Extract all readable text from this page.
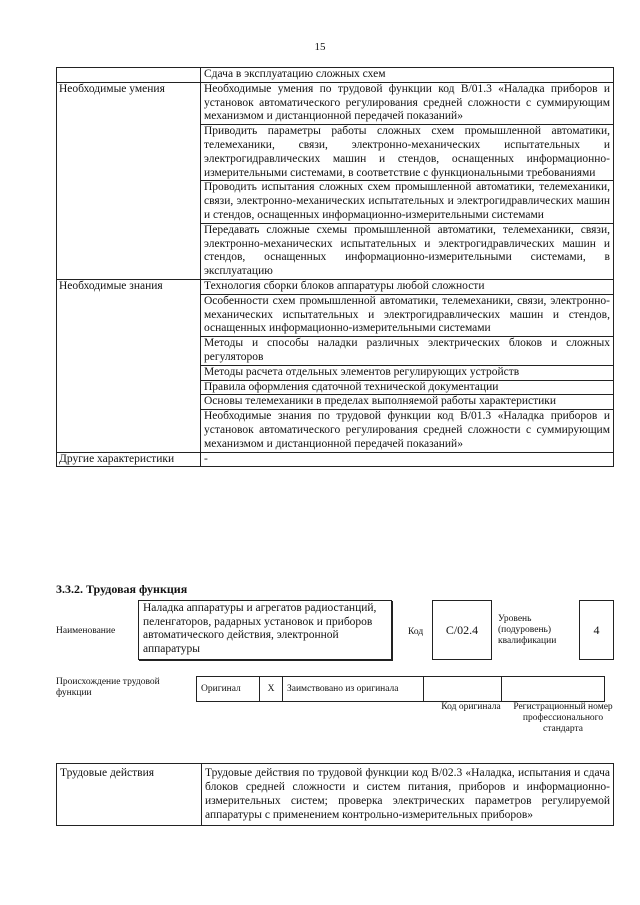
15
	Сдача в эксплуатацию сложных схем
Необходимые умения	Необходимые умения по трудовой функции код В/01.3 «Наладка приборов и установок автоматического регулирования средней сложности с суммирующим механизмом и дистанционной передачей показаний»
	Приводить параметры работы сложных схем промышленной автоматики, телемеханики, связи, электронно-механических испытательных и электрогидравлических машин и стендов, оснащенных информационно-измерительными системами, в соответствие с функциональными требованиями
	Проводить испытания сложных схем промышленной автоматики, телемеханики, связи, электронно-механических испытательных и электрогидравлических машин и стендов, оснащенных информационно-измерительными системами
	Передавать сложные схемы промышленной автоматики, телемеханики, связи, электронно-механических испытательных и электрогидравлических машин и стендов, оснащенных информационно-измерительными системами, в эксплуатацию
Необходимые знания	Технология сборки блоков аппаратуры любой сложности
	Особенности схем промышленной автоматики, телемеханики, связи, электронно-механических испытательных и электрогидравлических машин и стендов, оснащенных информационно-измерительными системами
	Методы и способы наладки различных электрических блоков и сложных регуляторов
	Методы расчета отдельных элементов регулирующих устройств
	Правила оформления сдаточной технической документации
	Основы телемеханики в пределах выполняемой работы характеристики
	Необходимые знания по трудовой функции код В/01.3 «Наладка приборов и установок автоматического регулирования средней сложности с суммирующим механизмом и дистанционной передачей показаний»
Другие характеристики	-
3.3.2. Трудовая функция
Наименование
Наладка аппаратуры и агрегатов радиостанций, пеленгаторов, радарных установок и приборов автоматического действия, электронной аппаратуры
Код	С/02.4
Уровень (подуровень) квалификации
4
Происхождение трудовой функции	Оригинал	X	Заимствовано из оригинала		
Код оригинала	Регистрационный номер профессионального стандарта
Трудовые действия	Трудовые действия по трудовой функции код В/02.3 «Наладка, испытания и сдача блоков средней сложности и систем питания, приборов и информационно-измерительных систем; проверка электрических параметров регулируемой аппаратуры с применением контрольно-измерительных приборов»
